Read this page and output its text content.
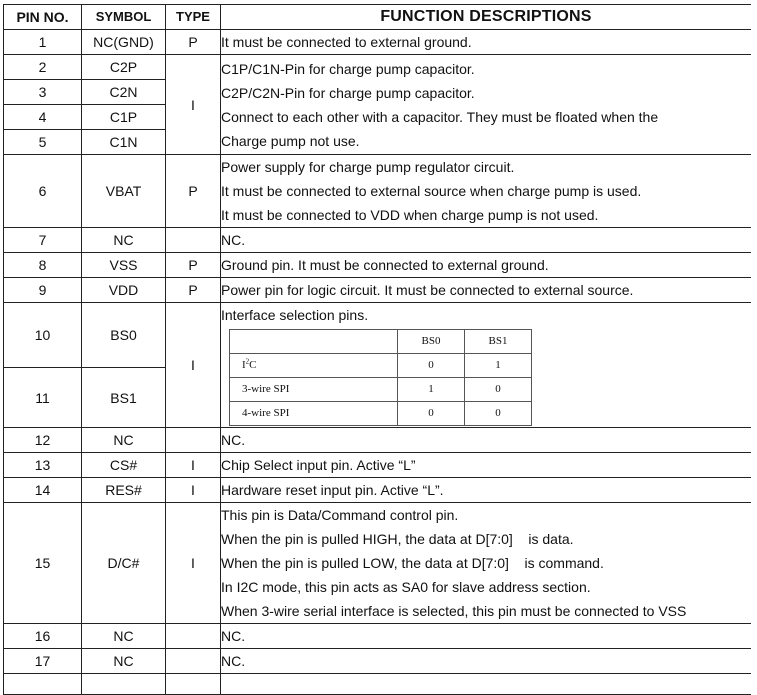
PIN NO.	SYMBOL	TYPE	FUNCTION DESCRIPTIONS
1	NC(GND)	P	It must be connected to external ground.

2	C2P	I	
C1P/C1N-Pin for charge pump capacitor.
C2P/C2N-Pin for charge pump capacitor.
Connect to each other with a capacitor. They must be floated when the
Charge pump not use.

3	C2N
4	C1P
5	C1N
6	VBAT	P	
Power supply for charge pump regulator circuit.
It must be connected to external source when charge pump is used.
It must be connected to VDD when charge pump is not used.

7	NC		NC.

8	VSS	P	Ground pin. It must be connected to external ground.

9	VDD	P	Power pin for logic circuit. It must be connected to external source.

10	BS0	I	
Interface selection pins.
	BS0	BS1
$I^2C$	0	1
3-wire SPI	1	0
4-wire SPI	0	0

11	BS1
12	NC		NC.

13	CS#	I	Chip Select input pin. Active “L”

14	RES#	I	Hardware reset input pin. Active “L”.

15	D/C#	I	
This pin is Data/Command control pin.
When the pin is pulled HIGH, the data at D[7:0]    is data.
When the pin is pulled LOW, the data at D[7:0]    is command.
In I2C mode, this pin acts as SA0 for slave address section.
When 3-wire serial interface is selected, this pin must be connected to VSS

16	NC		NC.

17	NC		NC.
